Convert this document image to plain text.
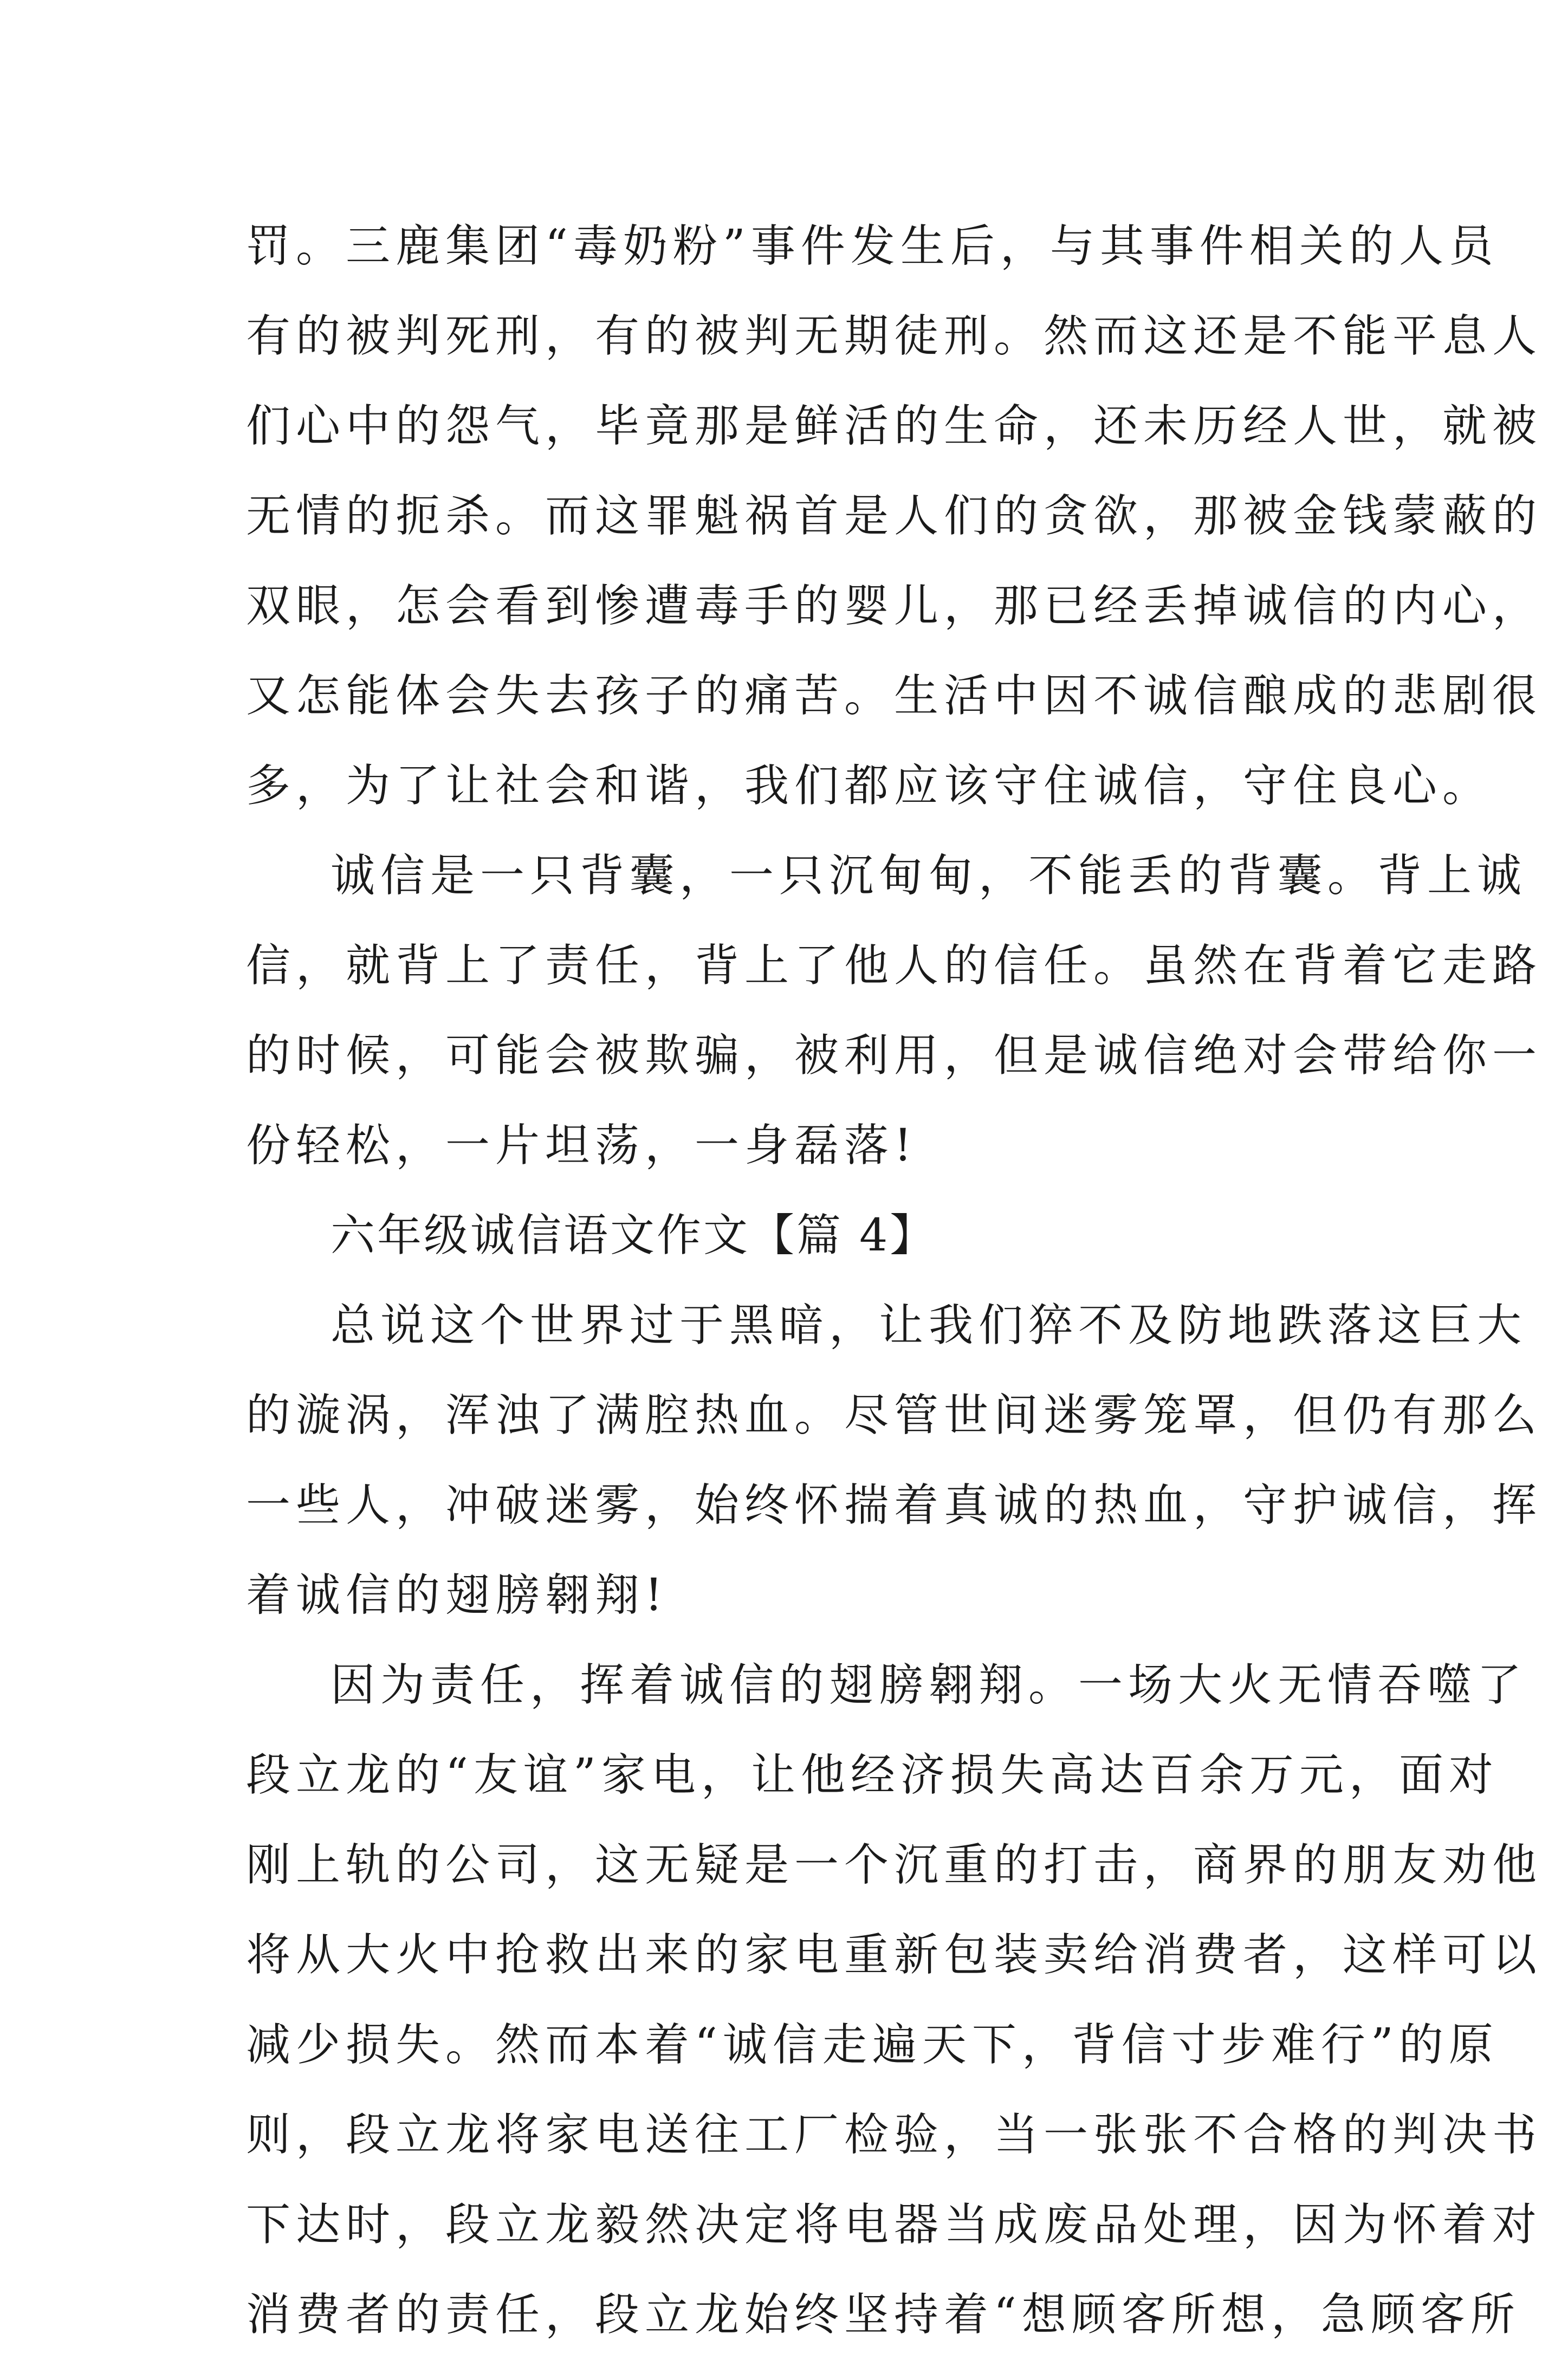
罚。三鹿集团“毒奶粉”事件发生后，与其事件相关的人员
有的被判死刑，有的被判无期徒刑。然而这还是不能平息人
们心中的怨气，毕竟那是鲜活的生命，还未历经人世，就被
无情的扼杀。而这罪魁祸首是人们的贪欲，那被金钱蒙蔽的
双眼，怎会看到惨遭毒手的婴儿，那已经丢掉诚信的内心，
又怎能体会失去孩子的痛苦。生活中因不诚信酿成的悲剧很
多，为了让社会和谐，我们都应该守住诚信，守住良心。
诚信是一只背囊，一只沉甸甸，不能丢的背囊。背上诚
信，就背上了责任，背上了他人的信任。虽然在背着它走路
的时候，可能会被欺骗，被利用，但是诚信绝对会带给你一
份轻松，一片坦荡，一身磊落!
六年级诚信语文作文【篇 4】
总说这个世界过于黑暗，让我们猝不及防地跌落这巨大
的漩涡，浑浊了满腔热血。尽管世间迷雾笼罩，但仍有那么
一些人，冲破迷雾，始终怀揣着真诚的热血，守护诚信，挥
着诚信的翅膀翱翔!
因为责任，挥着诚信的翅膀翱翔。一场大火无情吞噬了
段立龙的“友谊”家电，让他经济损失高达百余万元，面对
刚上轨的公司，这无疑是一个沉重的打击，商界的朋友劝他
将从大火中抢救出来的家电重新包装卖给消费者，这样可以
减少损失。然而本着“诚信走遍天下，背信寸步难行”的原
则，段立龙将家电送往工厂检验，当一张张不合格的判决书
下达时，段立龙毅然决定将电器当成废品处理，因为怀着对
消费者的责任，段立龙始终坚持着“想顾客所想，急顾客所
